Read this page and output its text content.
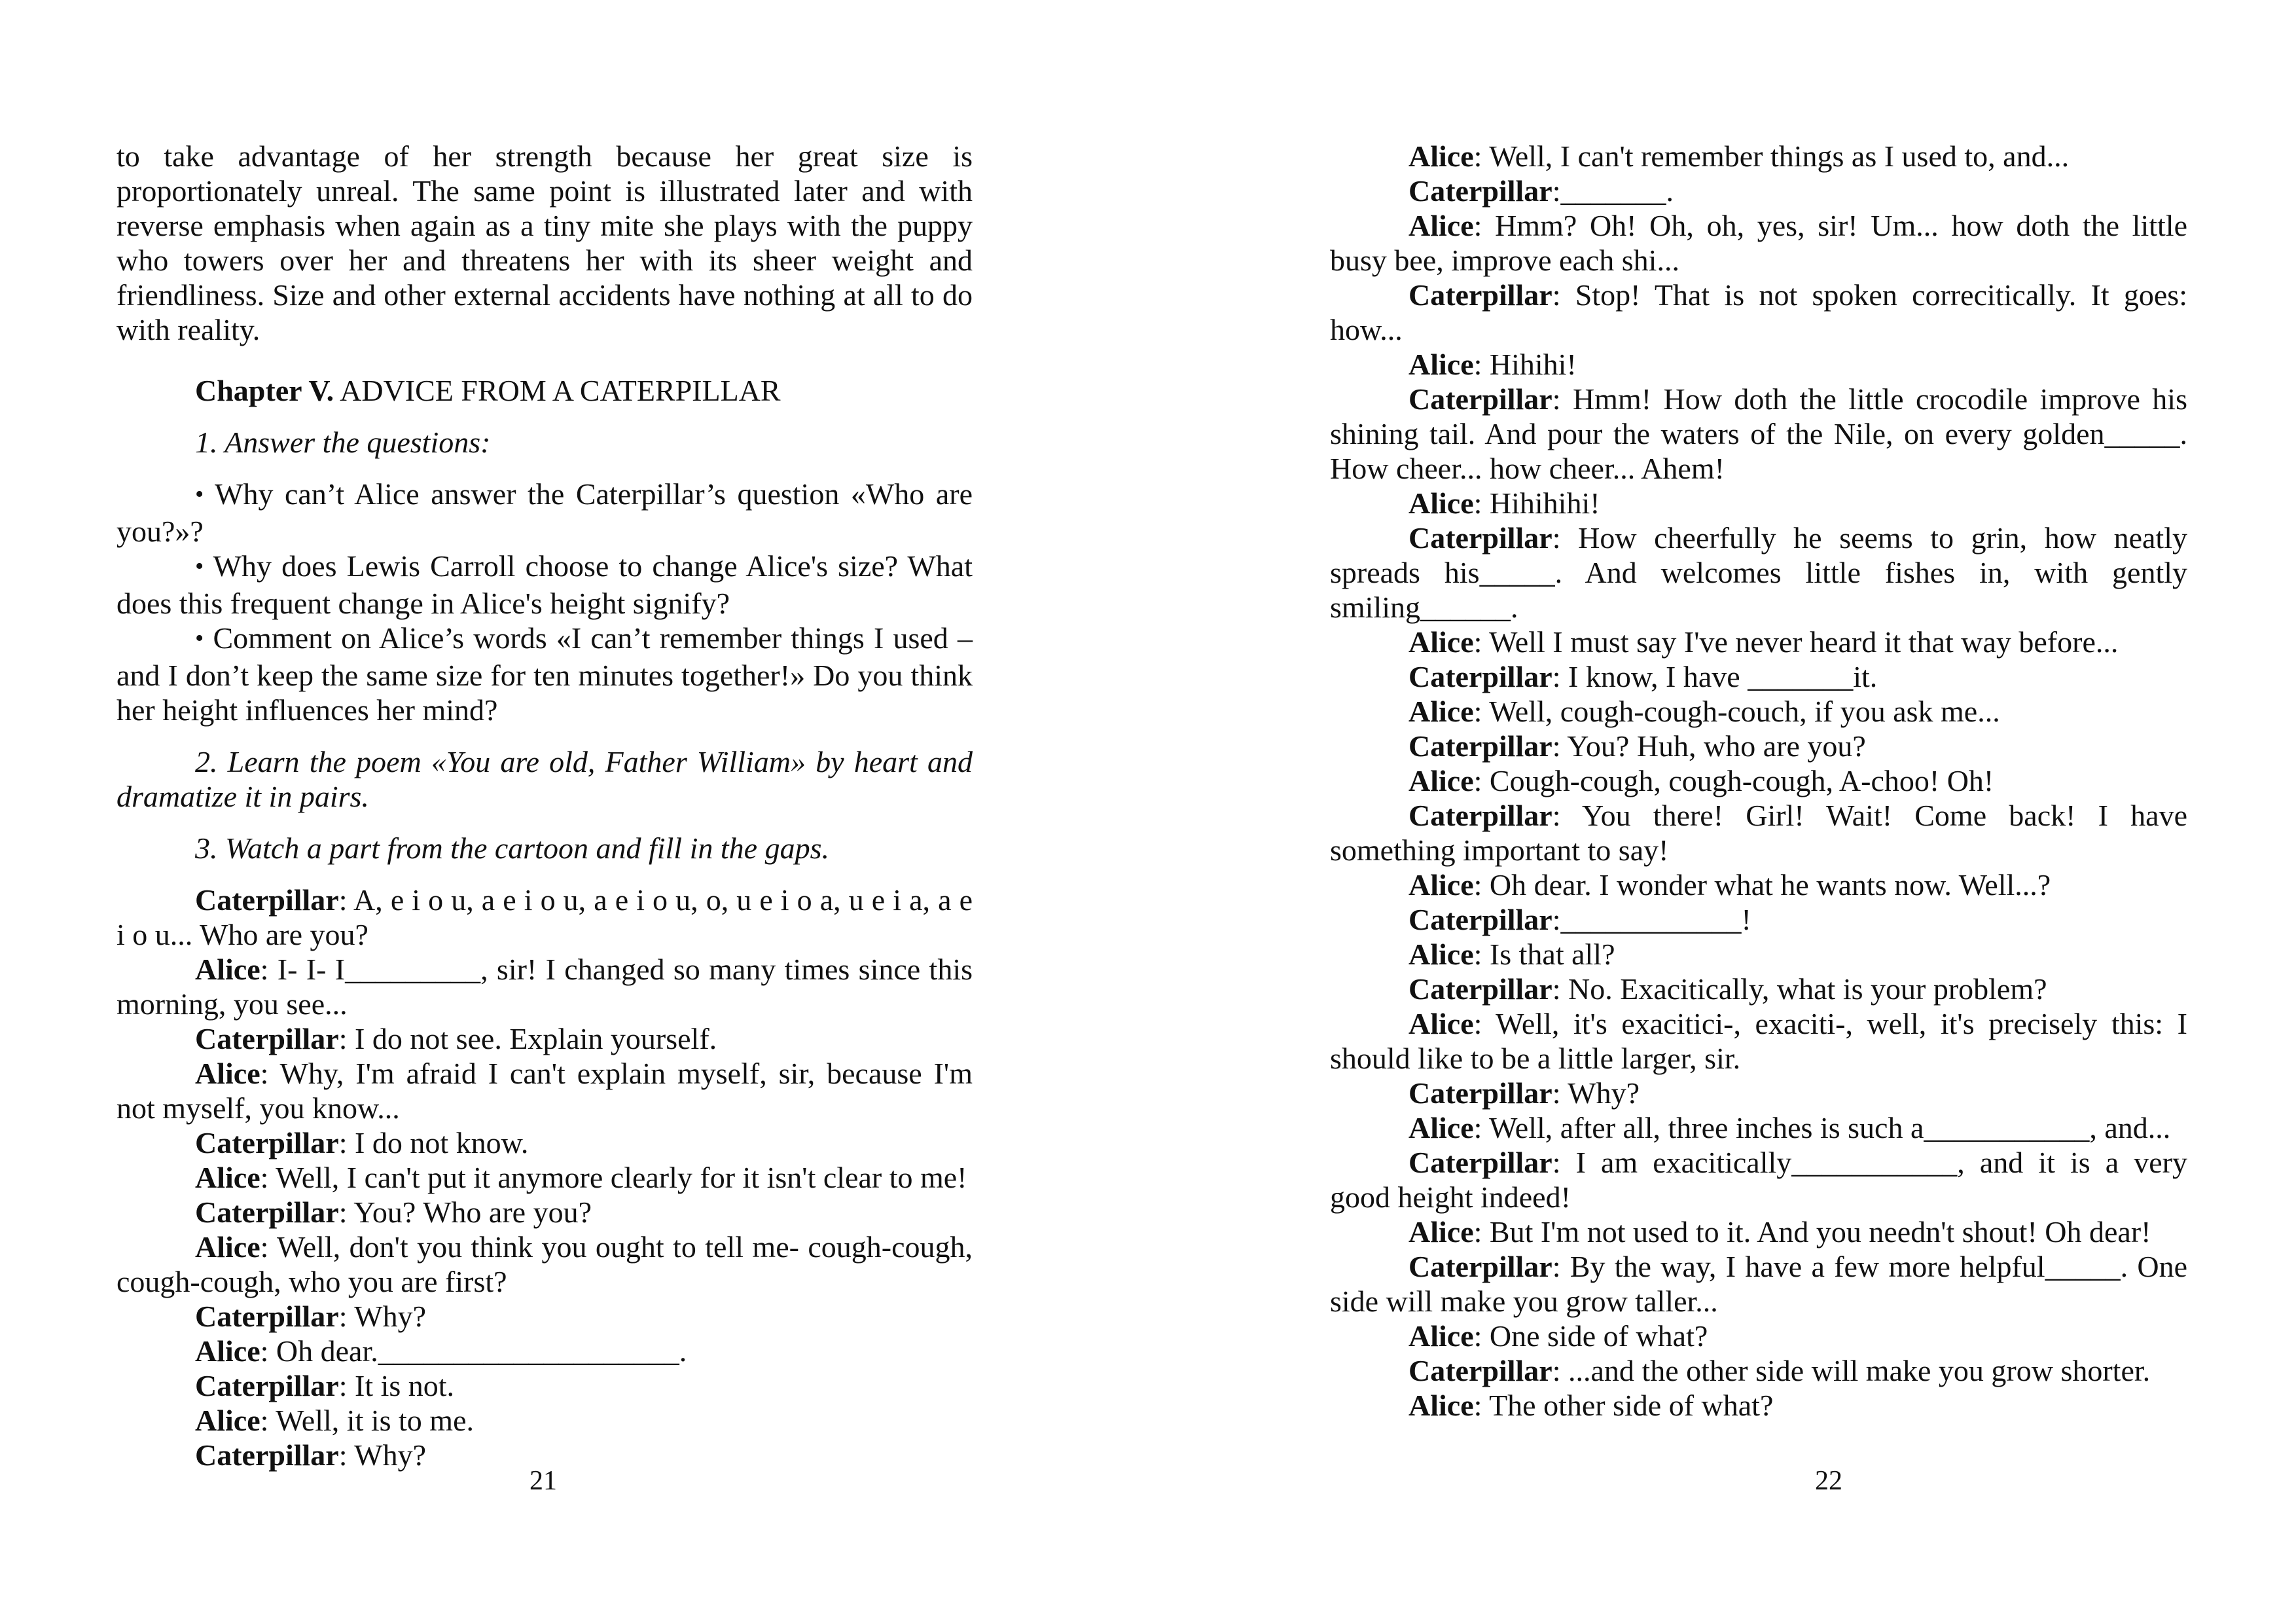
to take advantage of her strength because her great size is proportionately unreal. The same point is illustrated later and with reverse emphasis when again as a tiny mite she plays with the puppy who towers over her and threatens her with its sheer weight and friendliness. Size and other external accidents have nothing at all to do with reality.

Chapter V. ADVICE FROM A CATERPILLAR

1. Answer the questions:

• Why can’t Alice answer the Caterpillar’s question «Who are you?»?

• Why does Lewis Carroll choose to change Alice's size? What does this frequent change in Alice's height signify?

• Comment on Alice’s words «I can’t remember things I used – and I don’t keep the same size for ten minutes together!» Do you think her height influences her mind?

2. Learn the poem «You are old, Father William» by heart and dramatize it in pairs.

3. Watch a part from the cartoon and fill in the gaps.

Caterpillar: A, e i o u, a e i o u, a e i o u, o, u e i o a, u e i a, a e i o u... Who are you?

Alice: I- I- I_________, sir! I changed so many times since this morning, you see...

Caterpillar: I do not see. Explain yourself.

Alice: Why, I'm afraid I can't explain myself, sir, because I'm not myself, you know...

Caterpillar: I do not know.

Alice: Well, I can't put it anymore clearly for it isn't clear to me!

Caterpillar: You? Who are you?

Alice: Well, don't you think you ought to tell me- cough-cough, cough-cough, who you are first?

Caterpillar: Why?

Alice: Oh dear.____________________.

Caterpillar: It is not.

Alice: Well, it is to me.

Caterpillar: Why?

21

Alice: Well, I can't remember things as I used to, and...

Caterpillar:_______.

Alice: Hmm? Oh! Oh, oh, yes, sir! Um... how doth the little busy bee, improve each shi...

Caterpillar: Stop! That is not spoken correcitically. It goes: how...

Alice: Hihihi!

Caterpillar: Hmm! How doth the little crocodile improve his shining tail. And pour the waters of the Nile, on every golden_____. How cheer... how cheer... Ahem!

Alice: Hihihihi!

Caterpillar: How cheerfully he seems to grin, how neatly spreads his_____. And welcomes little fishes in, with gently smiling______.

Alice: Well I must say I've never heard it that way before...

Caterpillar: I know, I have _______it.

Alice: Well, cough-cough-couch, if you ask me...

Caterpillar: You? Huh, who are you?

Alice: Cough-cough, cough-cough, A-choo! Oh!

Caterpillar: You there! Girl! Wait! Come back! I have something important to say!

Alice: Oh dear. I wonder what he wants now. Well...?

Caterpillar:____________!

Alice: Is that all?

Caterpillar: No. Exacitically, what is your problem?

Alice: Well, it's exacitici-, exaciti-, well, it's precisely this: I should like to be a little larger, sir.

Caterpillar: Why?

Alice: Well, after all, three inches is such a___________, and...

Caterpillar: I am exacitically___________, and it is a very good height indeed!

Alice: But I'm not used to it. And you needn't shout! Oh dear!

Caterpillar: By the way, I have a few more helpful_____. One side will make you grow taller...

Alice: One side of what?

Caterpillar: ...and the other side will make you grow shorter.

Alice: The other side of what?

22
